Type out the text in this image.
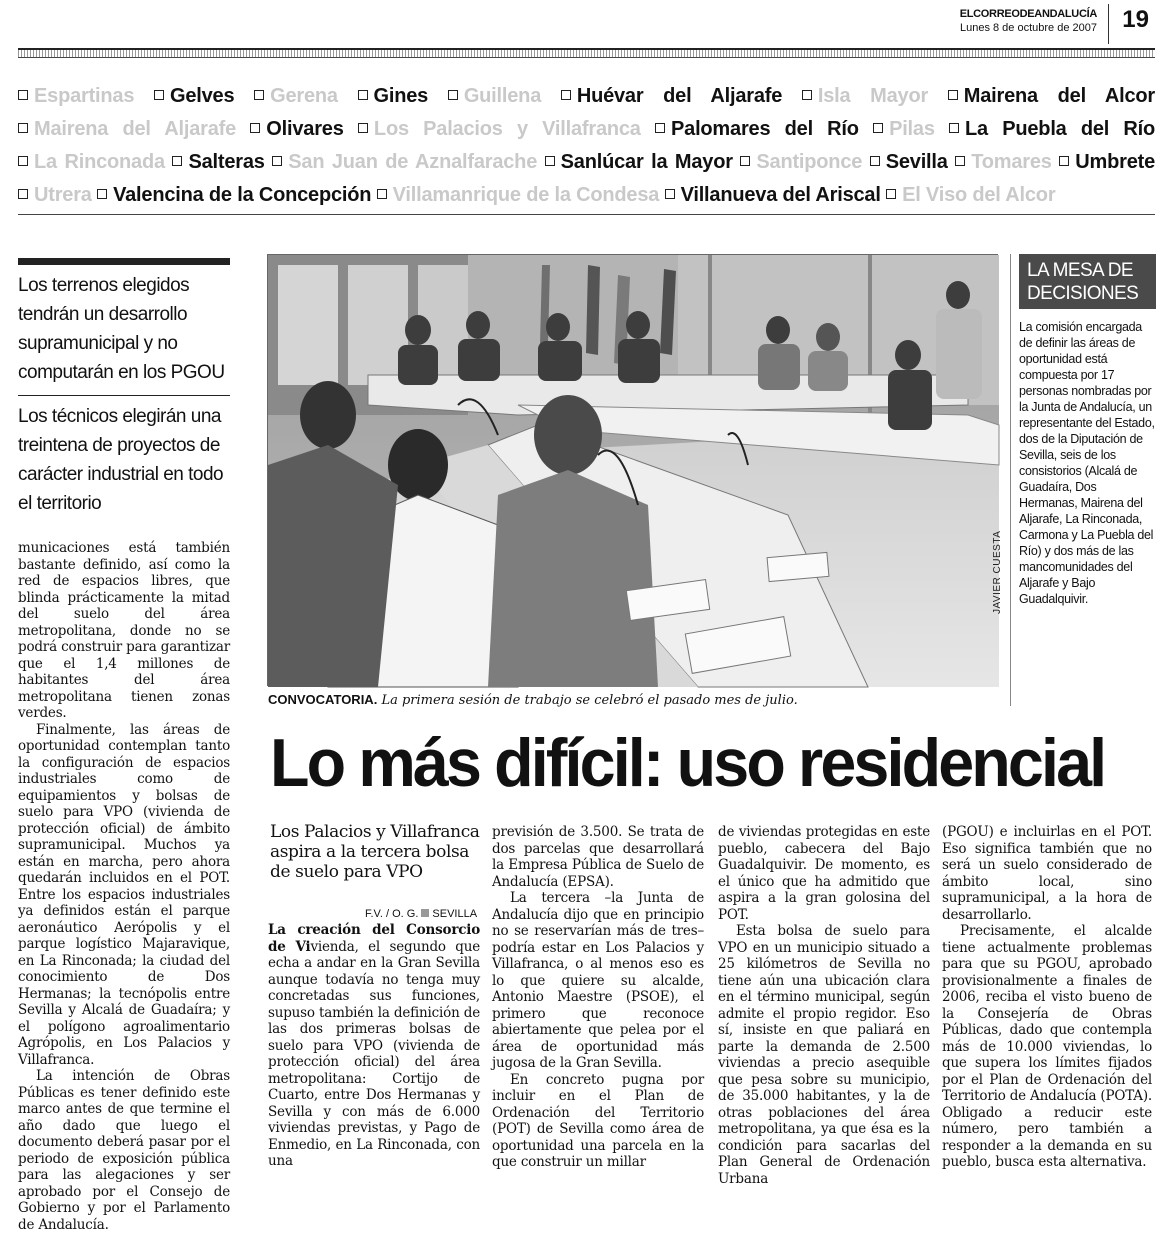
ELCORREODEANDALUCÍA
Lunes 8 de octubre de 2007 19
Espartinas Gelves Gerena Gines Guillena Huévar del Aljarafe Isla Mayor Mairena del Alcor Mairena del Aljarafe Olivares Los Palacios y Villafranca Palomares del Río Pilas La Puebla del Río La Rinconada Salteras San Juan de Aznalfarache Sanlúcar la Mayor Santiponce Sevilla Tomares Umbrete Utrera Valencina de la Concepción Villamanrique de la Condesa Villanueva del Ariscal El Viso del Alcor
Los terrenos elegidos tendrán un desarrollo supramunicipal y no computarán en los PGOU
Los técnicos elegirán una treintena de proyectos de carácter industrial en todo el territorio

municaciones está también bastante definido, así como la red de espacios libres, que blinda prácticamente la mitad del suelo del área metropolitana, donde no se podrá construir para garantizar que el 1,4 millones de habitantes del área metropolitana tienen zonas verdes.

Finalmente, las áreas de oportunidad contemplan tanto la configuración de espacios industriales como de equipamientos y bolsas de suelo para VPO (vivienda de protección oficial) de ámbito supramunicipal. Muchos ya están en marcha, pero ahora quedarán incluidos en el POT. Entre los espacios industriales ya definidos están el parque aeronáutico Aerópolis y el parque logístico Majaravique, en La Rinconada; la ciudad del conocimiento de Dos Hermanas; la tecnópolis entre Sevilla y Alcalá de Guadaíra; y el polígono agroalimentario Agrópolis, en Los Palacios y Villafranca.

La intención de Obras Públicas es tener definido este marco antes de que termine el año dado que luego el documento deberá pasar por el periodo de exposición pública para las alegaciones y ser aprobado por el Consejo de Gobierno y por el Parlamento de Andalucía.

JAVIER CUESTA
CONVOCATORIA. La primera sesión de trabajo se celebró el pasado mes de julio.
LA MESA DE DECISIONES
La comisión encargada de definir las áreas de oportunidad está compuesta por 17 personas nombradas por la Junta de Andalucía, un representante del Estado, dos de la Diputación de Sevilla, seis de los consistorios (Alcalá de Guadaíra, Dos Hermanas, Mairena del Aljarafe, La Rinconada, Carmona y La Puebla del Río) y dos más de las mancomunidades del Aljarafe y Bajo Guadalquivir.
Lo más difícil: uso residencial
Los Palacios y Villafranca aspira a la tercera bolsa de suelo para VPO
F.V. / O. G. SEVILLA

La creación del Consorcio de Vivienda, el segundo que echa a andar en la Gran Sevilla aunque todavía no tenga muy concretadas sus funciones, supuso también la definición de las dos primeras bolsas de suelo para VPO (vivienda de protección oficial) del área metropolitana: Cortijo de Cuarto, entre Dos Hermanas y Sevilla y con más de 6.000 viviendas previstas, y Pago de Enmedio, en La Rinconada, con una

previsión de 3.500. Se trata de dos parcelas que desarrollará la Empresa Pública de Suelo de Andalucía (EPSA).

La tercera –la Junta de Andalucía dijo que en principio no se reservarían más de tres– podría estar en Los Palacios y Villafranca, o al menos eso es lo que quiere su alcalde, Antonio Maestre (PSOE), el primero que reconoce abiertamente que pelea por el área de oportunidad más jugosa de la Gran Sevilla.

En concreto pugna por incluir en el Plan de Ordenación del Territorio (POT) de Sevilla como área de oportunidad una parcela en la que construir un millar

de viviendas protegidas en este pueblo, cabecera del Bajo Guadalquivir. De momento, es el único que ha admitido que aspira a la gran golosina del POT.

Esta bolsa de suelo para VPO en un municipio situado a 25 kilómetros de Sevilla no tiene aún una ubicación clara en el término municipal, según admite el propio regidor. Eso sí, insiste en que paliará en parte la demanda de 2.500 viviendas a precio asequible que pesa sobre su municipio, de 35.000 habitantes, y la de otras poblaciones del área metropolitana, ya que ésa es la condición para sacarlas del Plan General de Ordenación Urbana

(PGOU) e incluirlas en el POT. Eso significa también que no será un suelo considerado de ámbito local, sino supramunicipal, a la hora de desarrollarlo.

Precisamente, el alcalde tiene actualmente problemas para que su PGOU, aprobado provisionalmente a finales de 2006, reciba el visto bueno de la Consejería de Obras Públicas, dado que contempla más de 10.000 viviendas, lo que supera los límites fijados por el Plan de Ordenación del Territorio de Andalucía (POTA). Obligado a reducir este número, pero también a responder a la demanda en su pueblo, busca esta alternativa.
